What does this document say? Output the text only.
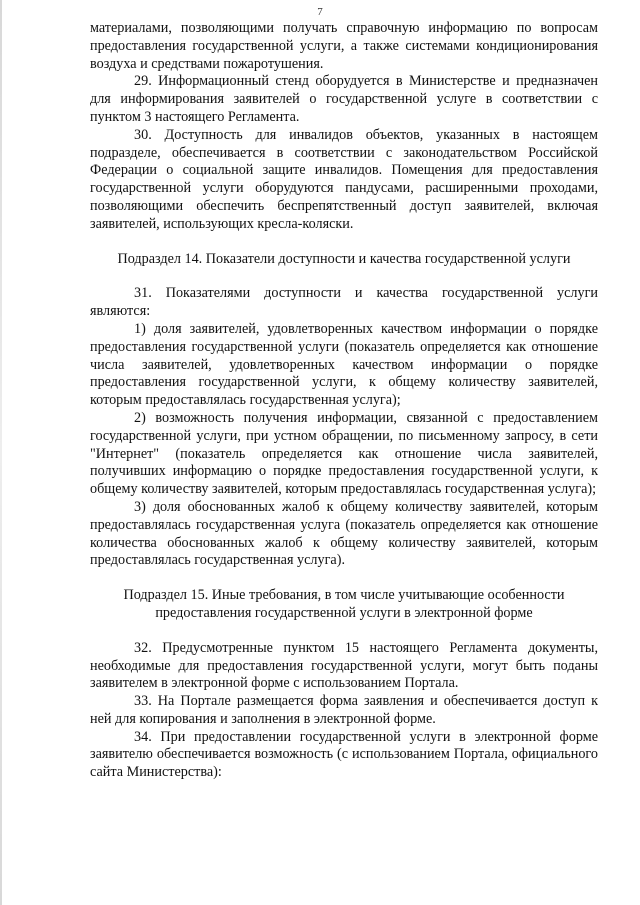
7

материалами, позволяющими получать справочную информацию по вопросам предоставления государственной услуги, а также системами кондиционирования воздуха и средствами пожаротушения.

29. Информационный стенд оборудуется в Министерстве и предназначен для информирования заявителей о государственной услуге в соответствии с пунктом 3 настоящего Регламента.

30. Доступность для инвалидов объектов, указанных в настоящем подразделе, обеспечивается в соответствии с законодательством Российской Федерации о социальной защите инвалидов. Помещения для предоставления государственной услуги оборудуются пандусами, расширенными проходами, позволяющими обеспечить беспрепятственный доступ заявителей, включая заявителей, использующих кресла-коляски.

Подраздел 14. Показатели доступности и качества государственной услуги

31. Показателями доступности и качества государственной услуги являются:

1) доля заявителей, удовлетворенных качеством информации о порядке предоставления государственной услуги (показатель определяется как отношение числа заявителей, удовлетворенных качеством информации о порядке предоставления государственной услуги, к общему количеству заявителей, которым предоставлялась государственная услуга);

2) возможность получения информации, связанной с предоставлением государственной услуги, при устном обращении, по письменному запросу, в сети "Интернет" (показатель определяется как отношение числа заявителей, получивших информацию о порядке предоставления государственной услуги, к общему количеству заявителей, которым предоставлялась государственная услуга);

3) доля обоснованных жалоб к общему количеству заявителей, которым предоставлялась государственная услуга (показатель определяется как отношение количества обоснованных жалоб к общему количеству заявителей, которым предоставлялась государственная услуга).

Подраздел 15. Иные требования, в том числе учитывающие особенности предоставления государственной услуги в электронной форме

32. Предусмотренные пунктом 15 настоящего Регламента документы, необходимые для предоставления государственной услуги, могут быть поданы заявителем в электронной форме с использованием Портала.

33. На Портале размещается форма заявления и обеспечивается доступ к ней для копирования и заполнения в электронной форме.

34. При предоставлении государственной услуги в электронной форме заявителю обеспечивается возможность (с использованием Портала, официального сайта Министерства):
